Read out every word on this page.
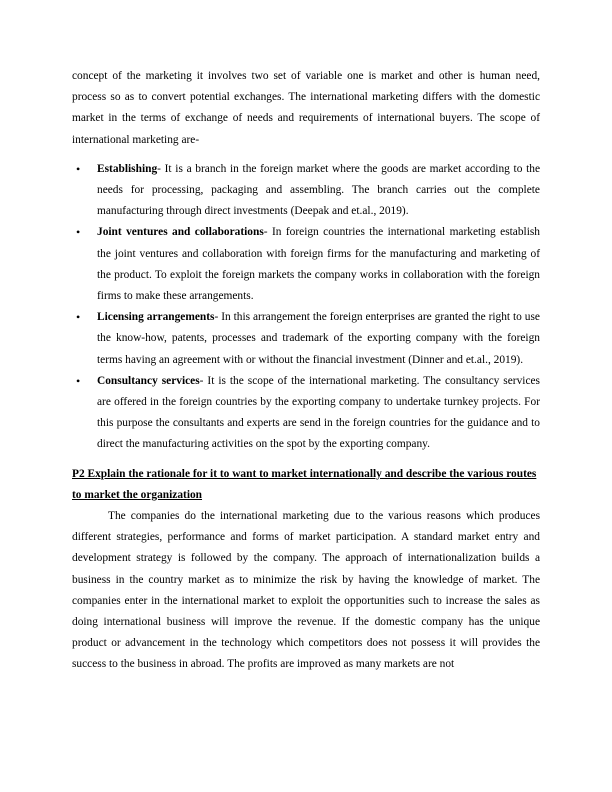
concept of the marketing it involves two set of variable one is market and other is human need, process so as to convert potential exchanges. The international marketing differs with the domestic market in the terms of exchange of needs and requirements of international buyers. The scope of international marketing are-

• Establishing- It is a branch in the foreign market where the goods are market according to the needs for processing, packaging and assembling. The branch carries out the complete manufacturing through direct investments (Deepak and et.al., 2019).
• Joint ventures and collaborations- In foreign countries the international marketing establish the joint ventures and collaboration with foreign firms for the manufacturing and marketing of the product. To exploit the foreign markets the company works in collaboration with the foreign firms to make these arrangements.
• Licensing arrangements- In this arrangement the foreign enterprises are granted the right to use the know-how, patents, processes and trademark of the exporting company with the foreign terms having an agreement with or without the financial investment (Dinner and et.al., 2019).
• Consultancy services- It is the scope of the international marketing. The consultancy services are offered in the foreign countries by the exporting company to undertake turnkey projects. For this purpose the consultants and experts are send in the foreign countries for the guidance and to direct the manufacturing activities on the spot by the exporting company.

P2 Explain the rationale for it to want to market internationally and describe the various routes to market the organization

The companies do the international marketing due to the various reasons which produces different strategies, performance and forms of market participation. A standard market entry and development strategy is followed by the company. The approach of internationalization builds a business in the country market as to minimize the risk by having the knowledge of market. The companies enter in the international market to exploit the opportunities such to increase the sales as doing international business will improve the revenue. If the domestic company has the unique product or advancement in the technology which competitors does not possess it will provides the success to the business in abroad. The profits are improved as many markets are not
